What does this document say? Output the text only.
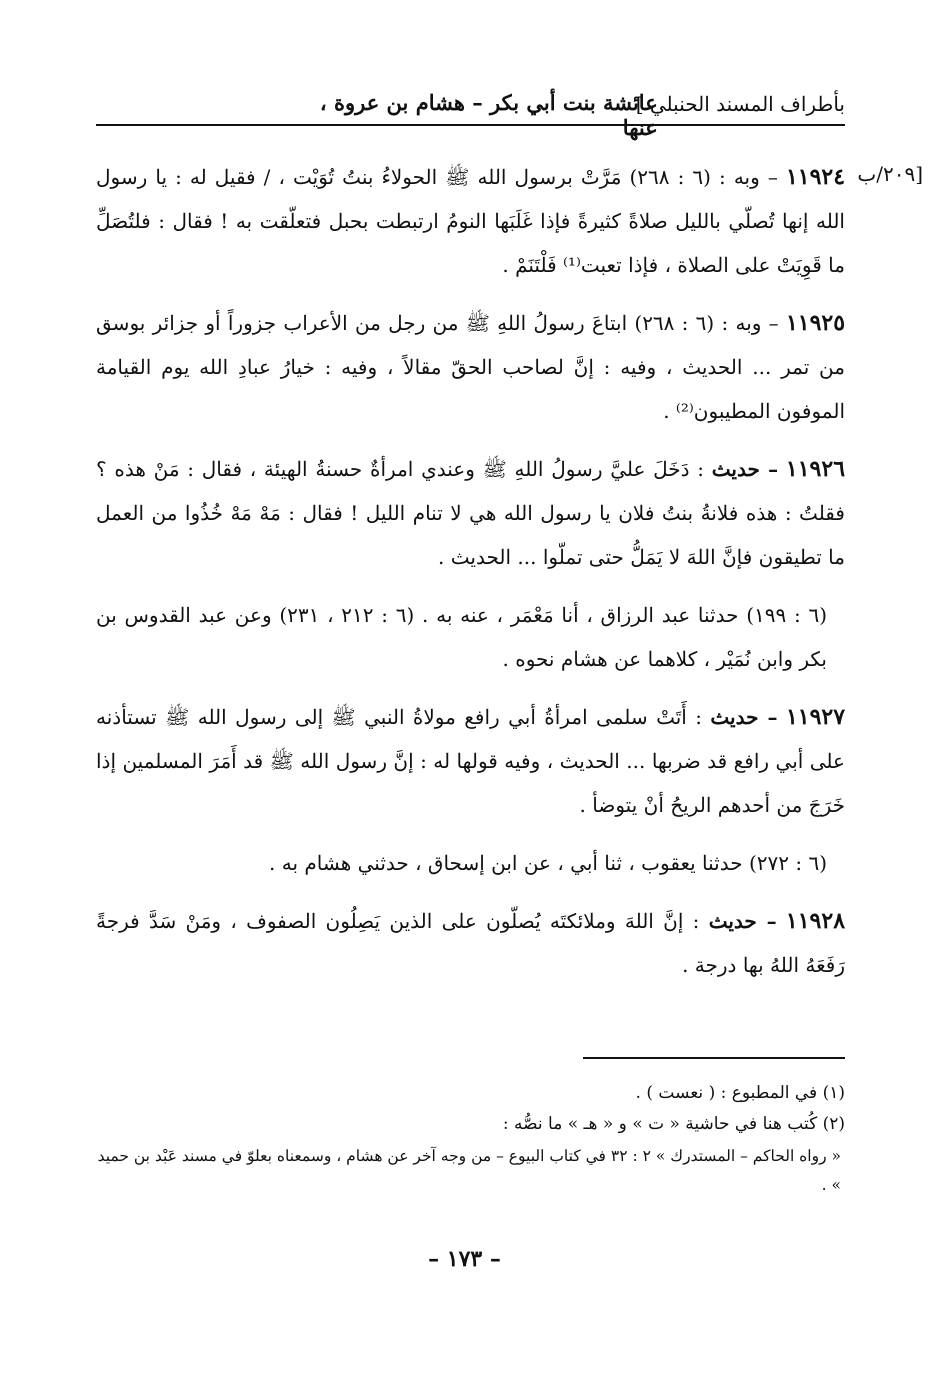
بأطراف المسند الحنبلي ]
عائشة بنت أبي بكر – هشام بن عروة ، عنها
[٢٠٩/ب

١١٩٢٤ – وبه : (٦ : ٢٦٨) مَرَّتْ برسول الله ﷺ الحولاءُ بنتُ تُوَيْت ، / فقيل له : يا رسول الله إنها تُصلّي بالليل صلاةً كثيرةً فإذا غَلَبَها النومُ ارتبطت بحبل فتعلّقت به ! فقال : فلتُصَلِّ ما قَوِيَتْ على الصلاة ، فإذا تعبت⁽¹⁾ فَلْتَنَمْ .

١١٩٢٥ – وبه : (٦ : ٢٦٨) ابتاعَ رسولُ اللهِ ﷺ من رجل من الأعراب جزوراً أو جزائر بوسق من تمر ... الحديث ، وفيه : إنَّ لصاحب الحقّ مقالاً ، وفيه : خيارُ عبادِ الله يوم القيامة الموفون المطيبون⁽²⁾ .

١١٩٢٦ – حديث : دَخَلَ عليَّ رسولُ اللهِ ﷺ وعندي امرأةٌ حسنةُ الهيئة ، فقال : مَنْ هذه ؟ فقلتُ : هذه فلانةُ بنتُ فلان يا رسول الله هي لا تنام الليل ! فقال : مَهْ مَهْ خُذُوا من العمل ما تطيقون فإنَّ اللهَ لا يَمَلُّ حتى تملّوا ... الحديث .

(٦ : ١٩٩) حدثنا عبد الرزاق ، أنا مَعْمَر ، عنه به . (٦ : ٢١٢ ، ٢٣١) وعن عبد القدوس بن بكر وابن نُمَيْر ، كلاهما عن هشام نحوه .

١١٩٢٧ – حديث : أَتَتْ سلمى امرأةُ أبي رافع مولاةُ النبي ﷺ إلى رسول الله ﷺ تستأذنه على أبي رافع قد ضربها ... الحديث ، وفيه قولها له : إنَّ رسول الله ﷺ قد أَمَرَ المسلمين إذا خَرَجَ من أحدهم الريحُ أنْ يتوضأ .

(٦ : ٢٧٢) حدثنا يعقوب ، ثنا أبي ، عن ابن إسحاق ، حدثني هشام به .

١١٩٢٨ – حديث : إنَّ اللهَ وملائكتَه يُصلّون على الذين يَصِلُون الصفوف ، ومَنْ سَدَّ فرجةً رَفَعَهُ اللهُ بها درجة .

(١) في المطبوع : ( نعست ) .

(٢) كُتب هنا في حاشية « ت » و « هـ » ما نصُّه :

« رواه الحاكم – المستدرك » ٢ : ٣٢ في كتاب البيوع – من وجه آخر عن هشام ، وسمعناه بعلوّ في مسند عَبْد بن حميد » .

– ١٧٣ –
